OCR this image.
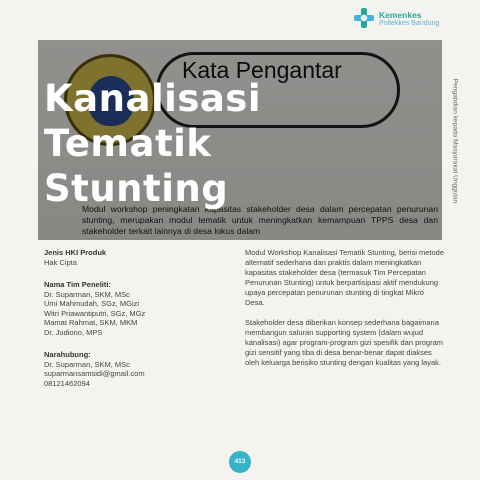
Kemenkes
Poltekkes Bandung
Kata Pengantar
Modul workshop peningkatan kapasitas stakeholder desa dalam percepatan penurunan stunting, merupakan modul tematik untuk meningkatkan kemampuan TPPS desa dan stakeholder terkait lainnya di desa lokus dalam
Kanalisasi
Tematik
Stunting	Pengabdian kepada Masyarakat Unggulan
Jenis HKI Produk
Hak Cipta
Nama Tim Peneliti:
Dr. Suparman, SKM, MSc
Umi Mahmudah, SGz, MGizi
Witri Priawantiputri, SGz, MGz
Mamat Rahmat, SKM, MKM
Dr. Judiono, MPS
Narahubung:
Dr. Suparman, SKM, MSc
suparmansamsidi@gmail.com
08121462094

Modul Workshop Kanalisasi Tematik Stunting, berisi metode alternatif sederhana dan praktis dalam meningkatkan kapasitas stakeholder desa (termasuk Tim Percepatan Penurunan Stunting) untuk berpartisipasi aktif mendukung upaya percepatan penurunan stunting di tingkat Mikro Desa.

Stakeholder desa diberikan konsep sederhana bagaimana membangun saluran supporting system (dalam wujud kanalisasi) agar program-program gizi spesifik dan program gizi sensitif yang tiba di desa benar-benar dapat diakses oleh keluarga berisiko stunting dengan kualitas yang layak.

413
